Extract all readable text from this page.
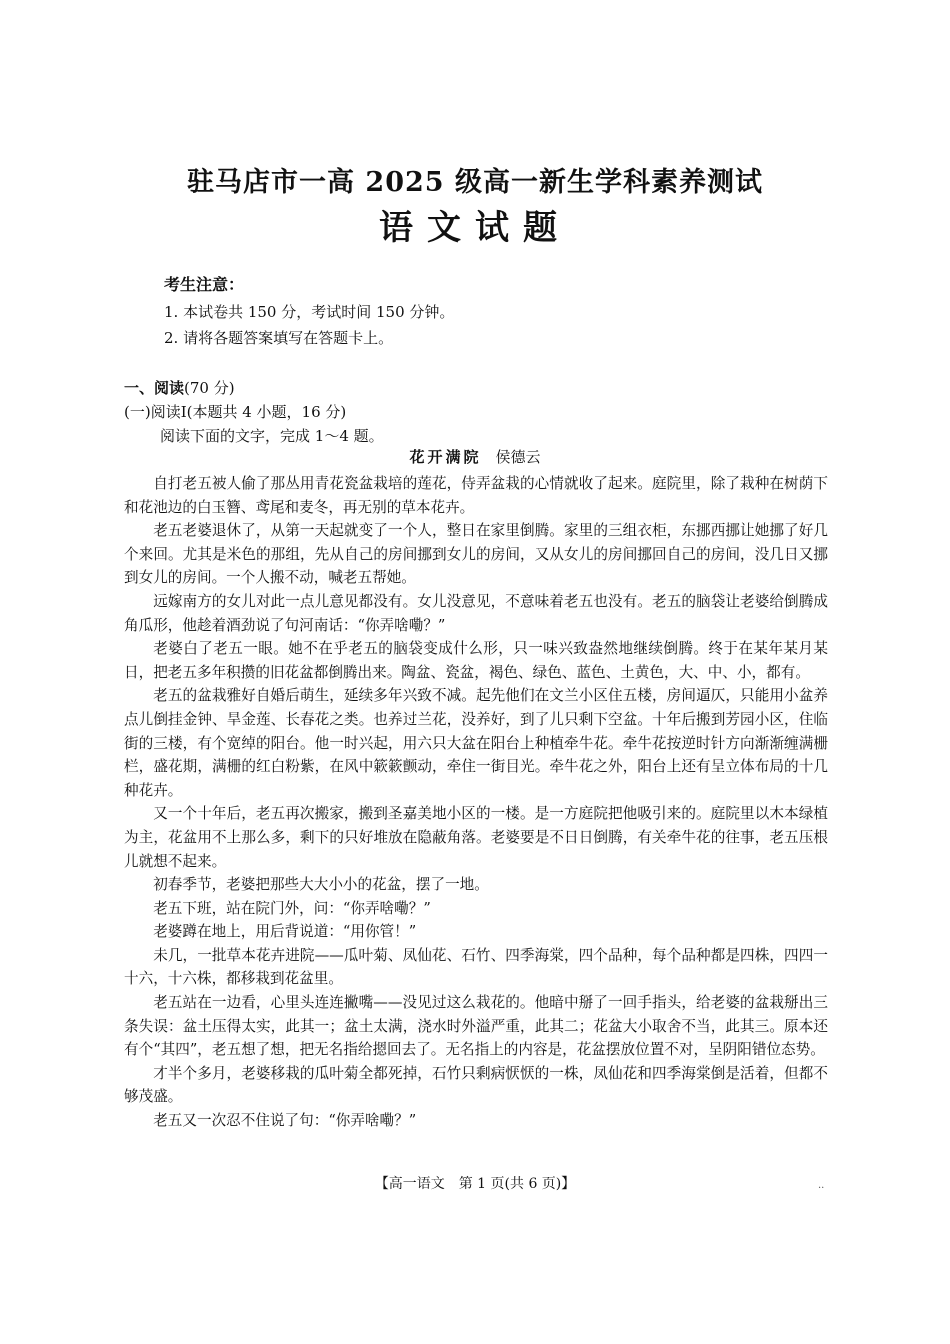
驻马店市一高 2025 级高一新生学科素养测试
语文试题
考生注意：
1. 本试卷共 150 分，考试时间 150 分钟。
2. 请将各题答案填写在答题卡上。
一、阅读(70 分)
(一)阅读Ⅰ(本题共 4 小题，16 分)
阅读下面的文字，完成 1～4 题。
花开满院 侯德云

自打老五被人偷了那丛用青花瓷盆栽培的莲花，侍弄盆栽的心情就收了起来。庭院里，除了栽种在树荫下和花池边的白玉簪、鸢尾和麦冬，再无别的草本花卉。

老五老婆退休了，从第一天起就变了一个人，整日在家里倒腾。家里的三组衣柜，东挪西挪让她挪了好几个来回。尤其是米色的那组，先从自己的房间挪到女儿的房间，又从女儿的房间挪回自己的房间，没几日又挪到女儿的房间。一个人搬不动，喊老五帮她。

远嫁南方的女儿对此一点儿意见都没有。女儿没意见，不意味着老五也没有。老五的脑袋让老婆给倒腾成角瓜形，他趁着酒劲说了句河南话：“你弄啥嘞？”

老婆白了老五一眼。她不在乎老五的脑袋变成什么形，只一味兴致盎然地继续倒腾。终于在某年某月某日，把老五多年积攒的旧花盆都倒腾出来。陶盆、瓷盆，褐色、绿色、蓝色、土黄色，大、中、小，都有。

老五的盆栽雅好自婚后萌生，延续多年兴致不减。起先他们在文兰小区住五楼，房间逼仄，只能用小盆养点儿倒挂金钟、旱金莲、长春花之类。也养过兰花，没养好，到了儿只剩下空盆。十年后搬到芳园小区，住临街的三楼，有个宽绰的阳台。他一时兴起，用六只大盆在阳台上种植牵牛花。牵牛花按逆时针方向渐渐缠满栅栏，盛花期，满栅的红白粉紫，在风中簌簌颤动，牵住一街目光。牵牛花之外，阳台上还有呈立体布局的十几种花卉。

又一个十年后，老五再次搬家，搬到圣嘉美地小区的一楼。是一方庭院把他吸引来的。庭院里以木本绿植为主，花盆用不上那么多，剩下的只好堆放在隐蔽角落。老婆要是不日日倒腾，有关牵牛花的往事，老五压根儿就想不起来。

初春季节，老婆把那些大大小小的花盆，摆了一地。

老五下班，站在院门外，问：“你弄啥嘞？”

老婆蹲在地上，用后背说道：“用你管！”

未几，一批草本花卉进院——瓜叶菊、凤仙花、石竹、四季海棠，四个品种，每个品种都是四株，四四一十六，十六株，都移栽到花盆里。

老五站在一边看，心里头连连撇嘴——没见过这么栽花的。他暗中掰了一回手指头，给老婆的盆栽掰出三条失误：盆土压得太实，此其一；盆土太满，浇水时外溢严重，此其二；花盆大小取舍不当，此其三。原本还有个“其四”，老五想了想，把无名指给摁回去了。无名指上的内容是，花盆摆放位置不对，呈阴阳错位态势。

才半个多月，老婆移栽的瓜叶菊全都死掉，石竹只剩病恹恹的一株，凤仙花和四季海棠倒是活着，但都不够茂盛。

老五又一次忍不住说了句：“你弄啥嘞？”

【高一语文　第 1 页(共 6 页)】	..
